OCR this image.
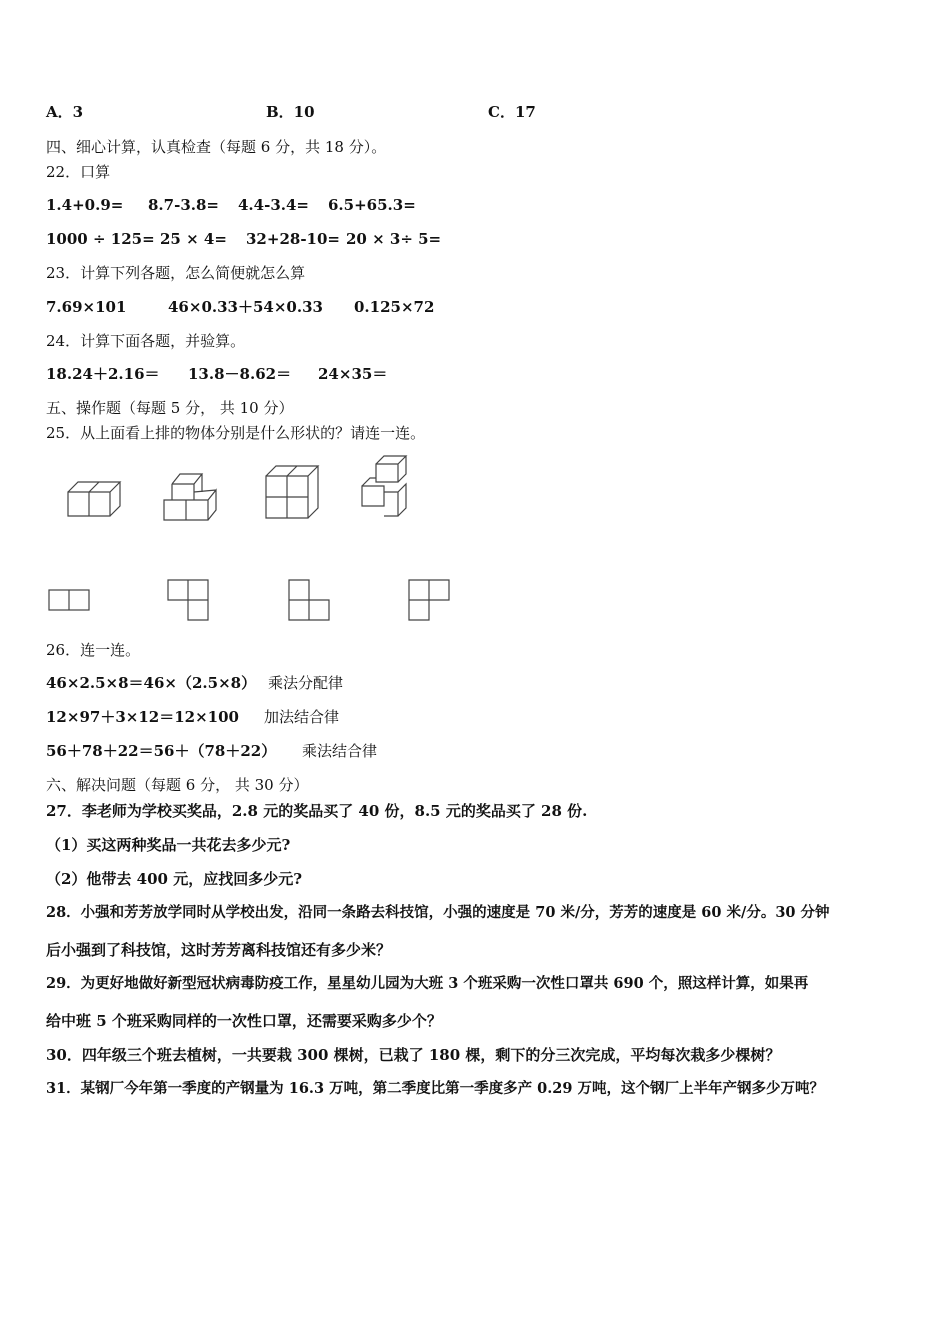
A．3	B．10	C．17
四、细心计算，认真检查（每题 6 分，共 18 分）。
22．口算
1.4+0.9= 8.7-3.8= 4.4-3.4= 6.5+65.3=
1000 ÷ 125= 25 × 4= 32+28-10= 20 × 3÷ 5=
23．计算下列各题，怎么简便就怎么算
7.69×101	46×0.33＋54×0.33 0.125×72
24．计算下面各题，并验算。
18.24＋2.16＝ 13.8－8.62＝ 24×35＝
五、操作题（每题 5 分， 共 10 分）
25．从上面看上排的物体分别是什么形状的？请连一连。
26．连一连。
46×2.5×8＝46×（2.5×8） 乘法分配律
12×97＋3×12＝12×100 加法结合律
56＋78＋22＝56＋（78＋22） 乘法结合律
六、解决问题（每题 6 分， 共 30 分）
27．李老师为学校买奖品，2.8 元的奖品买了 40 份，8.5 元的奖品买了 28 份.
（1）买这两种奖品一共花去多少元?
（2）他带去 400 元，应找回多少元?
28．小强和芳芳放学同时从学校出发，沿同一条路去科技馆，小强的速度是 70 米/分，芳芳的速度是 60 米/分。30 分钟
后小强到了科技馆，这时芳芳离科技馆还有多少米？
29．为更好地做好新型冠状病毒防疫工作，星星幼儿园为大班 3 个班采购一次性口罩共 690 个，照这样计算，如果再
给中班 5 个班采购同样的一次性口罩，还需要采购多少个？
30．四年级三个班去植树，一共要栽 300 棵树，已栽了 180 棵，剩下的分三次完成，平均每次栽多少棵树？
31．某钢厂今年第一季度的产钢量为 16.3 万吨，第二季度比第一季度多产 0.29 万吨，这个钢厂上半年产钢多少万吨？
